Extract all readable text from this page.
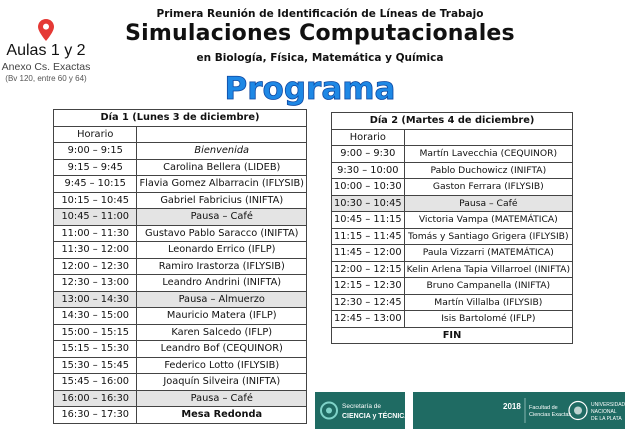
Aulas 1 y 2
Anexo Cs. Exactas
(Bv 120, entre 60 y 64)
Primera Reunión de Identificación de Líneas de Trabajo
Simulaciones Computacionales
en Biología, Física, Matemática y Química
Programa
Día 1 (Lunes 3 de diciembre)	
Horario	
9:00 – 9:15	Bienvenida
9:15 – 9:45	Carolina Bellera (LIDEB)
9:45 – 10:15	Flavia Gomez Albarracin (IFLYSIB)
10:15 – 10:45	Gabriel Fabricius (INIFTA)
10:45 – 11:00	Pausa – Café
11:00 – 11:30	Gustavo Pablo Saracco (INIFTA)
11:30 – 12:00	Leonardo Errico (IFLP)
12:00 – 12:30	Ramiro Irastorza (IFLYSIB)
12:30 – 13:00	Leandro Andrini (INIFTA)
13:00 – 14:30	Pausa – Almuerzo
14:30 – 15:00	Mauricio Matera (IFLP)
15:00 – 15:15	Karen Salcedo (IFLP)
15:15 – 15:30	Leandro Bof (CEQUINOR)
15:30 – 15:45	Federico Lotto (IFLYSIB)
15:45 – 16:00	Joaquín Silveira (INIFTA)
16:00 – 16:30	Pausa – Café
16:30 – 17:30	Mesa Redonda
Día 2 (Martes 4 de diciembre)	
Horario	
9:00 – 9:30	Martín Lavecchia (CEQUINOR)
9:30 – 10:00	Pablo Duchowicz (INIFTA)
10:00 – 10:30	Gaston Ferrara (IFLYSIB)
10:30 – 10:45	Pausa – Café
10:45 – 11:15	Victoria Vampa (MATEMÁTICA)
11:15 – 11:45	Tomás y Santiago Grigera (IFLYSIB)
11:45 – 12:00	Paula Vizzarri (MATEMÁTICA)
12:00 – 12:15	Kelin Arlena Tapia Villarroel (INIFTA)
12:15 – 12:30	Bruno Campanella (INIFTA)
12:30 – 12:45	Martín Villalba (IFLYSIB)
12:45 – 13:00	Isis Bartolomé (IFLP)
FIN	
Secretaría de
CIENCIA y TÉCNICA
2018 Facultad de
Ciencias Exactas
UNIVERSIDAD
NACIONAL
DE LA PLATA
